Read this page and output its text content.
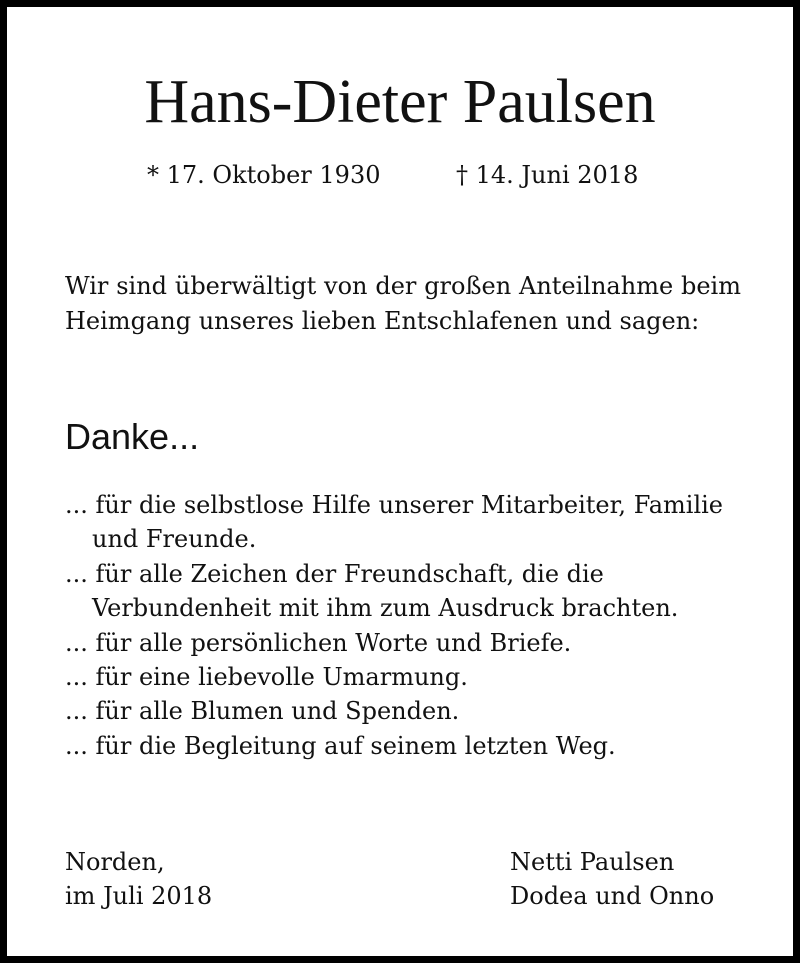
Hans-Dieter Paulsen
* 17. Oktober 1930	† 14. Juni 2018

Wir sind überwältigt von der großen Anteilnahme beim Heimgang unseres lieben Entschlafenen und sagen:

Danke...
... für die selbstlose Hilfe unserer Mitarbeiter, Familie und Freunde.
... für alle Zeichen der Freundschaft, die die Verbundenheit mit ihm zum Ausdruck brachten.
... für alle persönlichen Worte und Briefe.
... für eine liebevolle Umarmung.
... für alle Blumen und Spenden.
... für die Begleitung auf seinem letzten Weg.
Norden,
im Juli 2018
Netti Paulsen
Dodea und Onno
